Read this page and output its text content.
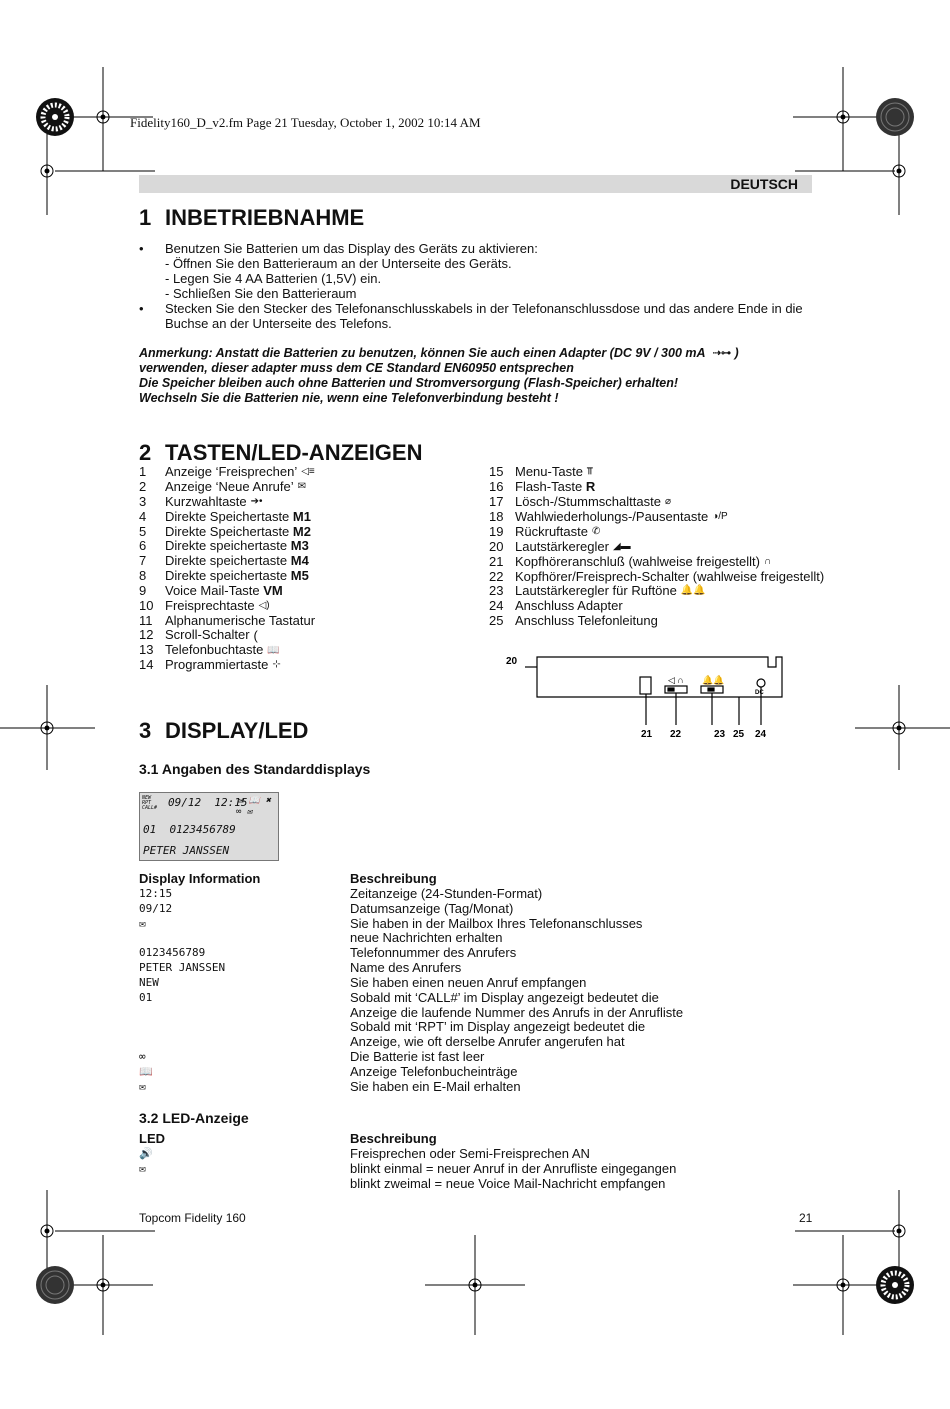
Fidelity160_D_v2.fm Page 21 Tuesday, October 1, 2002 10:14 AM
DEUTSCH
1 INBETRIEBNAHME
• Benutzen Sie Batterien um das Display des Geräts zu aktivieren:
- Öffnen Sie den Batterieraum an der Unterseite des Geräts.
- Legen Sie 4 AA Batterien (1,5V) ein.
- Schließen Sie den Batterieraum
• Stecken Sie den Stecker des Telefonanschlusskabels in der Telefonanschlussdose und das andere Ende in die
Buchse an der Unterseite des Telefons.
Anmerkung: Anstatt die Batterien zu benutzen, können Sie auch einen Adapter (DC 9V / 300 mA ⇢⊶ )
verwenden, dieser adapter muss dem CE Standard EN60950 entsprechen
Die Speicher bleiben auch ohne Batterien und Stromversorgung (Flash-Speicher) erhalten!
Wechseln Sie die Batterien nie, wenn eine Telefonverbindung besteht !
2 TASTEN/LED-ANZEIGEN
1 Anzeige ‘Freisprechen’ ◁≡
2 Anzeige ‘Neue Anrufe’ ✉
3 Kurzwahltaste ➔•
4 Direkte Speichertaste M1
5 Direkte Speichertaste M2
6 Direkte speichertaste M3
7 Direkte speichertaste M4
8 Direkte speichertaste M5
9 Voice Mail-Taste VM
10 Freisprechtaste ◁)
11 Alphanumerische Tastatur
12 Scroll-Schalter (
13 Telefonbuchtaste 📖
14 Programmiertaste ⊹
15 Menu-Taste ⫪
16 Flash-Taste R
17 Lösch-/Stummschalttaste ⌀
18 Wahlwiederholungs-/Pausentaste ◑/P
19 Rückruftaste ✆
20 Lautstärkeregler ◢▬
21 Kopfhöreranschluß (wahlweise freigestellt) ∩
22 Kopfhörer/Freisprech-Schalter (wahlweise freigestellt)
23 Lautstärkeregler für Ruftöne 🔔🔔
24 Anschluss Adapter
25 Anschluss Telefonleitung
20
◁ ∩ 🔔🔔
DC
21 22	23 25 24
3 DISPLAY/LED
3.1 Angaben des Standarddisplays
NEW
RPT
CALL# 09/12 12:15
✉ 📖 ✖
∞ ✉
01 0123456789
PETER JANSSEN
Display Information	Beschreibung
12:15	Zeitanzeige (24-Stunden-Format)
09/12	Datumsanzeige (Tag/Monat)
✉	Sie haben in der Mailbox Ihres Telefonanschlusses
neue Nachrichten erhalten
0123456789	Telefonnummer des Anrufers
PETER JANSSEN	Name des Anrufers
NEW	Sie haben einen neuen Anruf empfangen
01	Sobald mit ‘CALL#’ im Display angezeigt bedeutet die
Anzeige die laufende Nummer des Anrufs in der Anrufliste
Sobald mit ‘RPT’ im Display angezeigt bedeutet die
Anzeige, wie oft derselbe Anrufer angerufen hat
∞	Die Batterie ist fast leer
📖	Anzeige Telefonbucheinträge
✉	Sie haben ein E-Mail erhalten
3.2 LED-Anzeige
LED	Beschreibung
🔊	Freisprechen oder Semi-Freisprechen AN
✉	blinkt einmal = neuer Anruf in der Anrufliste eingegangen
blinkt zweimal = neue Voice Mail-Nachricht empfangen
Topcom Fidelity 160	21
